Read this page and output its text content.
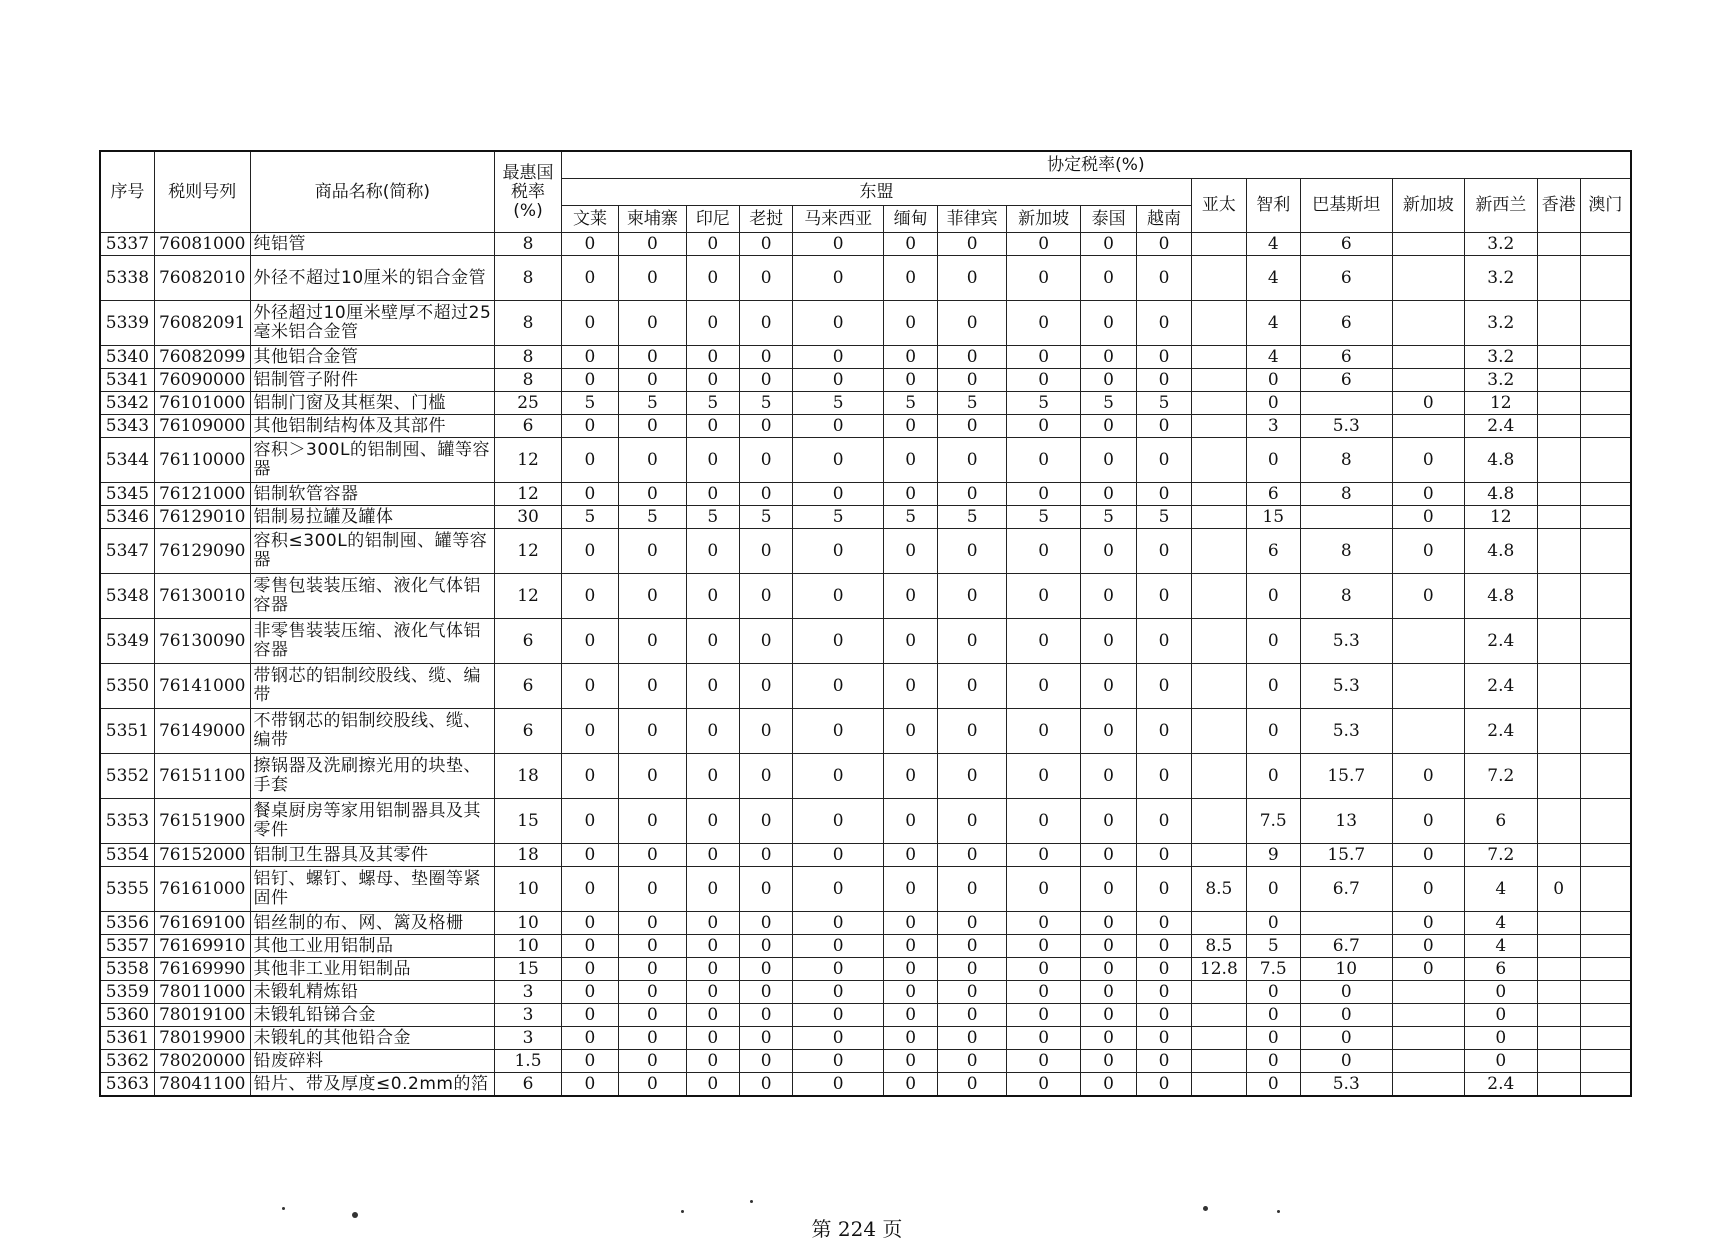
序号	税则号列	商品名称(简称)	最惠国税率(%)	协定税率(%)																
				东盟										亚太	智利	巴基斯坦	新加坡	新西兰	香港	澳门
				文莱	柬埔寨	印尼	老挝	马来西亚	缅甸	菲律宾	新加坡	泰国	越南							
5337	76081000	纯铝管	8	0	0	0	0	0	0	0	0	0	0		4	6		3.2		
5338	76082010	外径不超过10厘米的铝合金管	8	0	0	0	0	0	0	0	0	0	0		4	6		3.2		
5339	76082091	外径超过10厘米壁厚不超过25毫米铝合金管	8	0	0	0	0	0	0	0	0	0	0		4	6		3.2		
5340	76082099	其他铝合金管	8	0	0	0	0	0	0	0	0	0	0		4	6		3.2		
5341	76090000	铝制管子附件	8	0	0	0	0	0	0	0	0	0	0		0	6		3.2		
5342	76101000	铝制门窗及其框架、门槛	25	5	5	5	5	5	5	5	5	5	5		0		0	12		
5343	76109000	其他铝制结构体及其部件	6	0	0	0	0	0	0	0	0	0	0		3	5.3		2.4		
5344	76110000	容积＞300L的铝制囤、罐等容器	12	0	0	0	0	0	0	0	0	0	0		0	8	0	4.8		
5345	76121000	铝制软管容器	12	0	0	0	0	0	0	0	0	0	0		6	8	0	4.8		
5346	76129010	铝制易拉罐及罐体	30	5	5	5	5	5	5	5	5	5	5		15		0	12		
5347	76129090	容积≤300L的铝制囤、罐等容器	12	0	0	0	0	0	0	0	0	0	0		6	8	0	4.8		
5348	76130010	零售包装装压缩、液化气体铝容器	12	0	0	0	0	0	0	0	0	0	0		0	8	0	4.8		
5349	76130090	非零售装装压缩、液化气体铝容器	6	0	0	0	0	0	0	0	0	0	0		0	5.3		2.4		
5350	76141000	带钢芯的铝制绞股线、缆、编带	6	0	0	0	0	0	0	0	0	0	0		0	5.3		2.4		
5351	76149000	不带钢芯的铝制绞股线、缆、编带	6	0	0	0	0	0	0	0	0	0	0		0	5.3		2.4		
5352	76151100	擦锅器及洗刷擦光用的块垫、手套	18	0	0	0	0	0	0	0	0	0	0		0	15.7	0	7.2		
5353	76151900	餐桌厨房等家用铝制器具及其零件	15	0	0	0	0	0	0	0	0	0	0		7.5	13	0	6		
5354	76152000	铝制卫生器具及其零件	18	0	0	0	0	0	0	0	0	0	0		9	15.7	0	7.2		
5355	76161000	铝钉、螺钉、螺母、垫圈等紧固件	10	0	0	0	0	0	0	0	0	0	0	8.5	0	6.7	0	4	0	
5356	76169100	铝丝制的布、网、篱及格栅	10	0	0	0	0	0	0	0	0	0	0		0		0	4		
5357	76169910	其他工业用铝制品	10	0	0	0	0	0	0	0	0	0	0	8.5	5	6.7	0	4		
5358	76169990	其他非工业用铝制品	15	0	0	0	0	0	0	0	0	0	0	12.8	7.5	10	0	6		
5359	78011000	未锻轧精炼铅	3	0	0	0	0	0	0	0	0	0	0		0	0		0		
5360	78019100	未锻轧铅锑合金	3	0	0	0	0	0	0	0	0	0	0		0	0		0		
5361	78019900	未锻轧的其他铅合金	3	0	0	0	0	0	0	0	0	0	0		0	0		0		
5362	78020000	铅废碎料	1.5	0	0	0	0	0	0	0	0	0	0		0	0		0		
5363	78041100	铅片、带及厚度≤0.2mm的箔	6	0	0	0	0	0	0	0	0	0	0		0	5.3		2.4		
第 224 页
